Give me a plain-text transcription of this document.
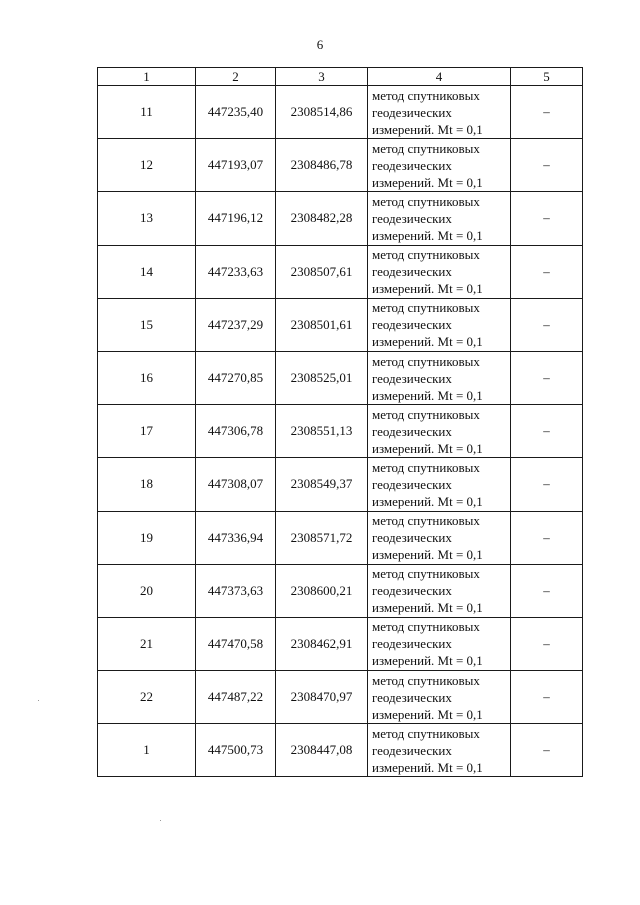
6
1	2	3	4	5
11	447235,40	2308514,86	метод спутниковых
геодезических
измерений. Mt = 0,1	–
12	447193,07	2308486,78	метод спутниковых
геодезических
измерений. Mt = 0,1	–
13	447196,12	2308482,28	метод спутниковых
геодезических
измерений. Mt = 0,1	–
14	447233,63	2308507,61	метод спутниковых
геодезических
измерений. Mt = 0,1	–
15	447237,29	2308501,61	метод спутниковых
геодезических
измерений. Mt = 0,1	–
16	447270,85	2308525,01	метод спутниковых
геодезических
измерений. Mt = 0,1	–
17	447306,78	2308551,13	метод спутниковых
геодезических
измерений. Mt = 0,1	–
18	447308,07	2308549,37	метод спутниковых
геодезических
измерений. Mt = 0,1	–
19	447336,94	2308571,72	метод спутниковых
геодезических
измерений. Mt = 0,1	–
20	447373,63	2308600,21	метод спутниковых
геодезических
измерений. Mt = 0,1	–
21	447470,58	2308462,91	метод спутниковых
геодезических
измерений. Mt = 0,1	–
22	447487,22	2308470,97	метод спутниковых
геодезических
измерений. Mt = 0,1	–
1	447500,73	2308447,08	метод спутниковых
геодезических
измерений. Mt = 0,1	–
